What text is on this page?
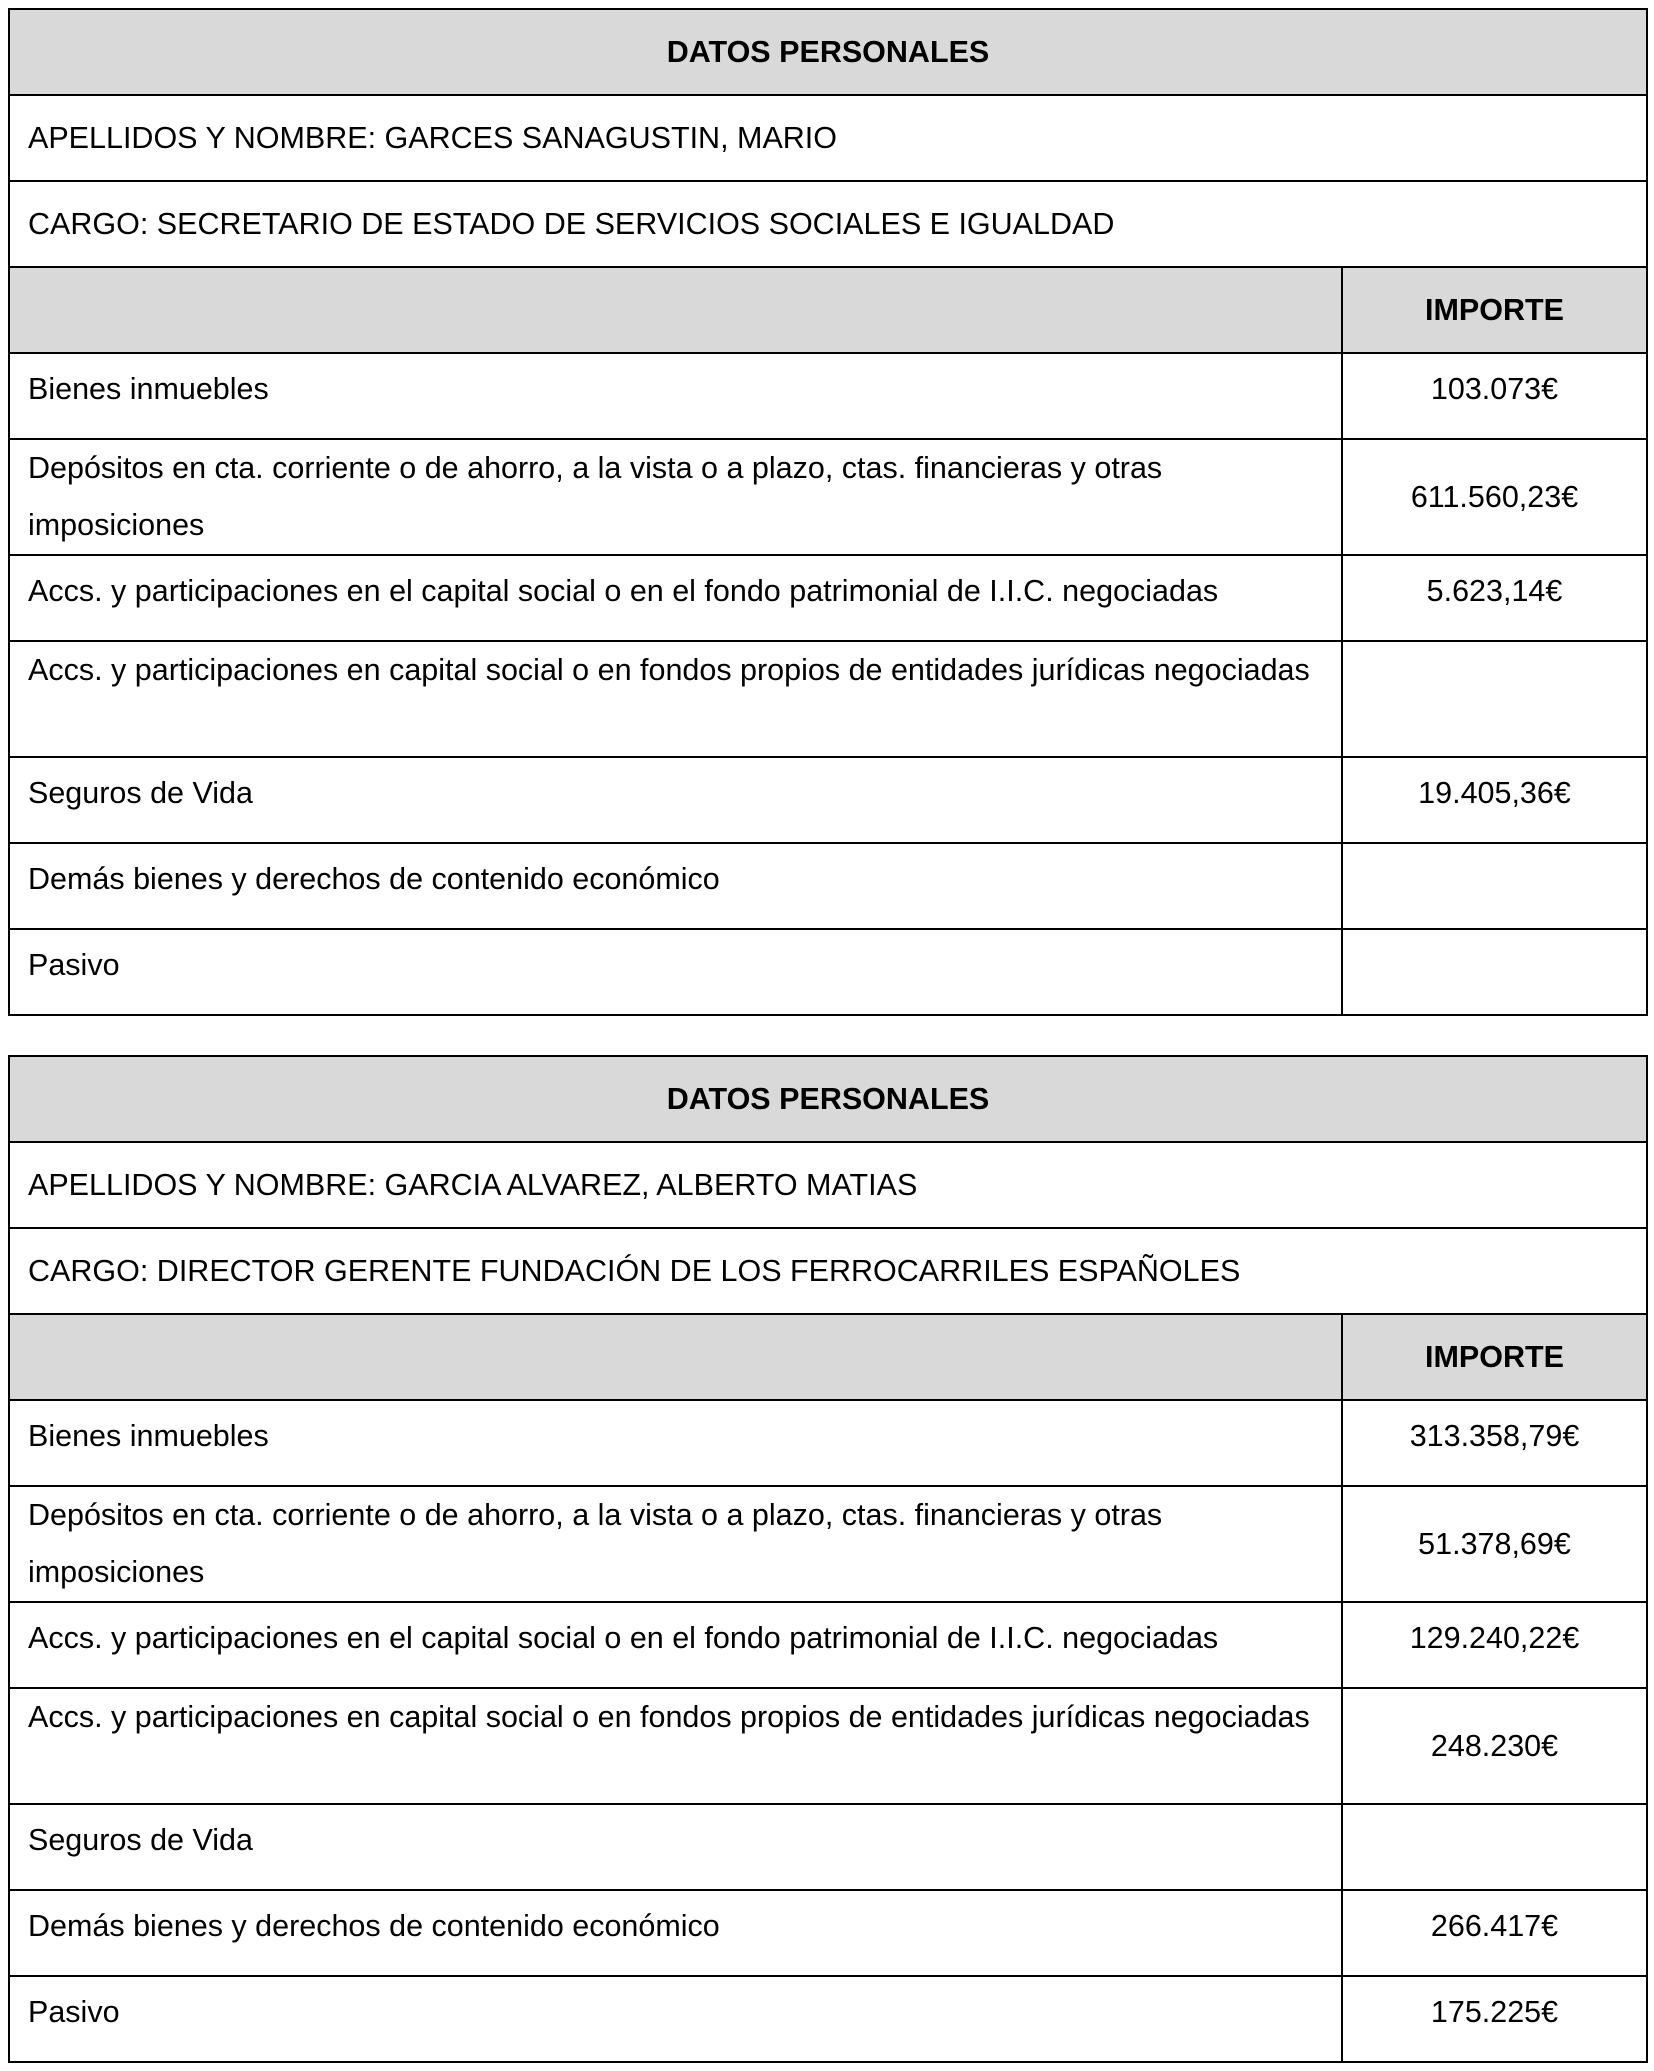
DATOS PERSONALES	
APELLIDOS Y NOMBRE: GARCES SANAGUSTIN, MARIO	
CARGO: SECRETARIO DE ESTADO DE SERVICIOS SOCIALES E IGUALDAD	
	IMPORTE
Bienes inmuebles	103.073€
Depósitos en cta. corriente o de ahorro, a la vista o a plazo, ctas. financieras y otras imposiciones	611.560,23€
Accs. y participaciones en el capital social o en el fondo patrimonial de I.I.C. negociadas	5.623,14€
Accs. y participaciones en capital social o en fondos propios de entidades jurídicas negociadas	
Seguros de Vida	19.405,36€
Demás bienes y derechos de contenido económico	
Pasivo	
DATOS PERSONALES	
APELLIDOS Y NOMBRE: GARCIA ALVAREZ, ALBERTO MATIAS	
CARGO: DIRECTOR GERENTE FUNDACIÓN DE LOS FERROCARRILES ESPAÑOLES	
	IMPORTE
Bienes inmuebles	313.358,79€
Depósitos en cta. corriente o de ahorro, a la vista o a plazo, ctas. financieras y otras imposiciones	51.378,69€
Accs. y participaciones en el capital social o en el fondo patrimonial de I.I.C. negociadas	129.240,22€
Accs. y participaciones en capital social o en fondos propios de entidades jurídicas negociadas	248.230€
Seguros de Vida	
Demás bienes y derechos de contenido económico	266.417€
Pasivo	175.225€
